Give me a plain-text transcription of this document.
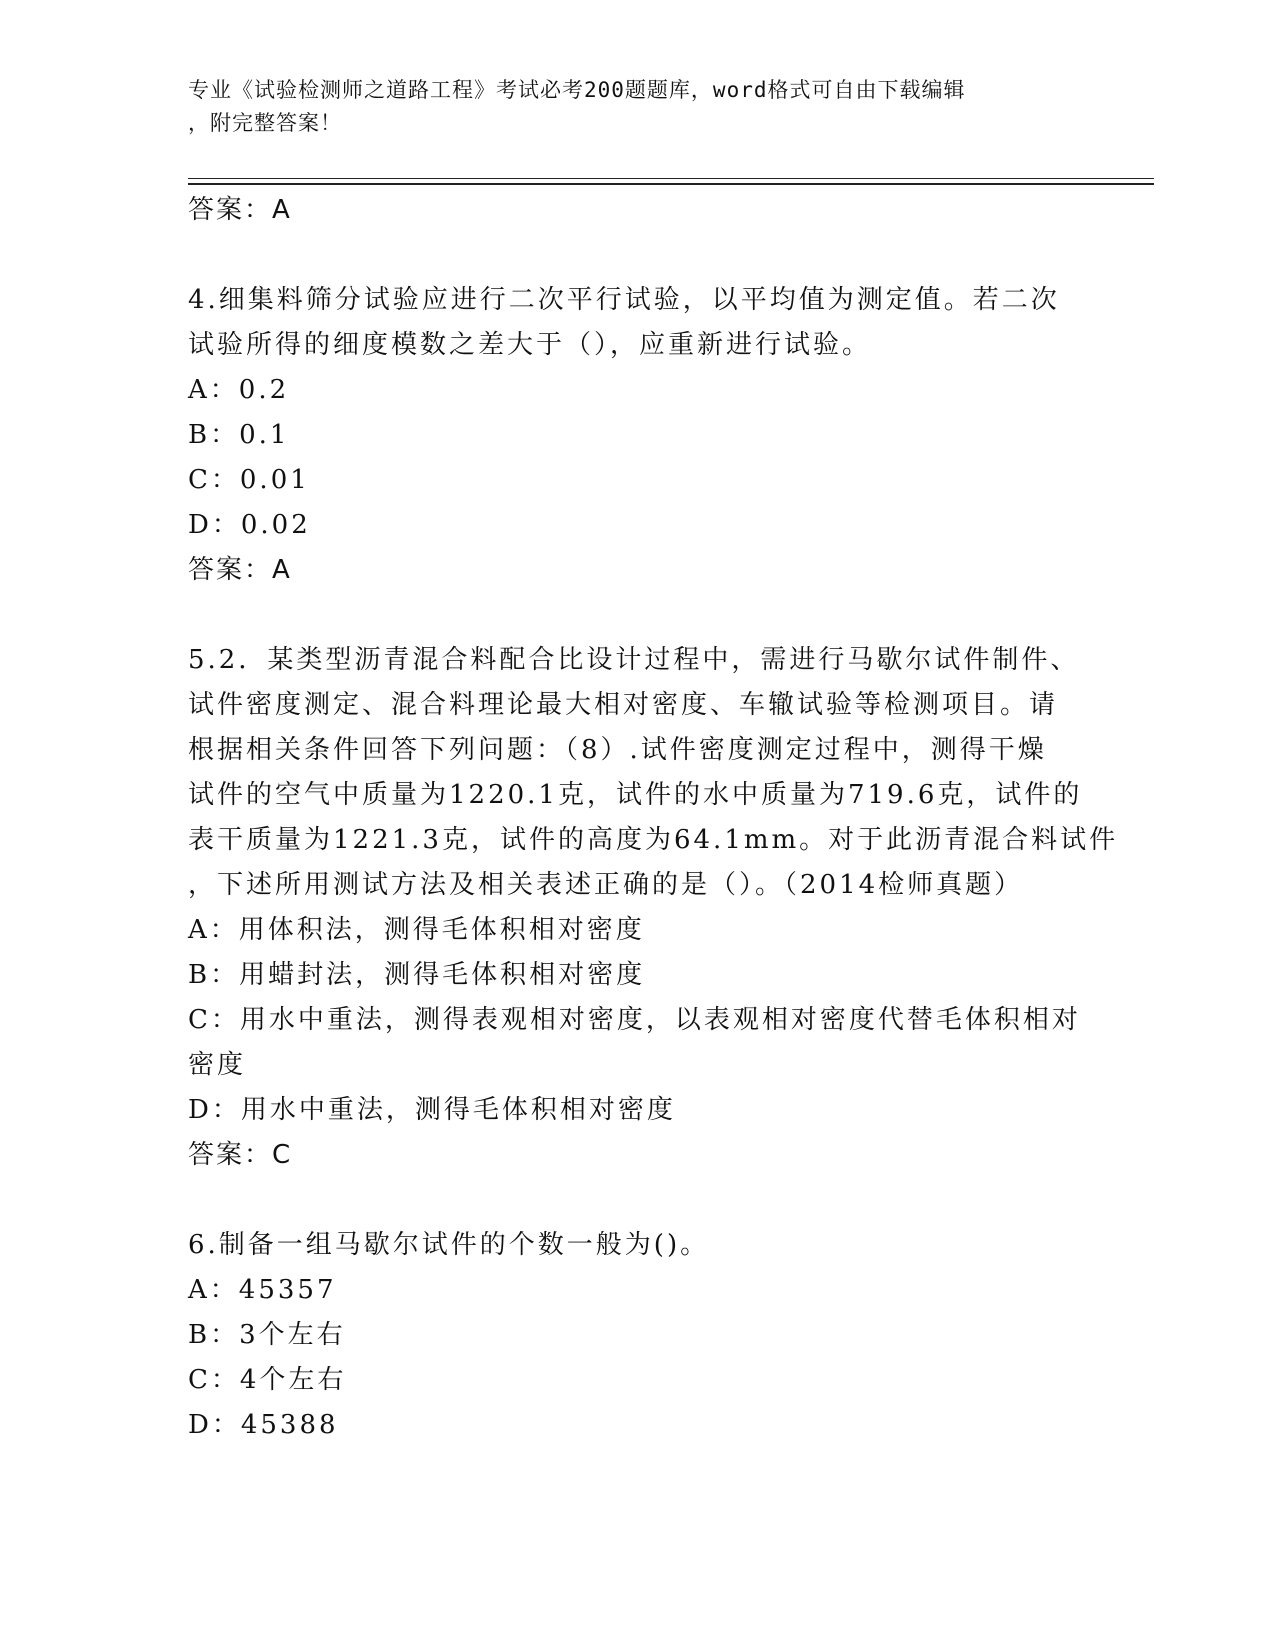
专业《试验检测师之道路工程》考试必考200题题库，word格式可自由下载编辑
，附完整答案！
答案：A
4.细集料筛分试验应进行二次平行试验，以平均值为测定值。若二次
试验所得的细度模数之差大于（），应重新进行试验。
A：0.2
B：0.1
C：0.01
D：0.02
答案：A
5.2．某类型沥青混合料配合比设计过程中，需进行马歇尔试件制件、
试件密度测定、混合料理论最大相对密度、车辙试验等检测项目。请
根据相关条件回答下列问题：（8）.试件密度测定过程中，测得干燥
试件的空气中质量为1220.1克，试件的水中质量为719.6克，试件的
表干质量为1221.3克，试件的高度为64.1mm。对于此沥青混合料试件
，下述所用测试方法及相关表述正确的是（）。（2014检师真题）
A：用体积法，测得毛体积相对密度
B：用蜡封法，测得毛体积相对密度
C：用水中重法，测得表观相对密度，以表观相对密度代替毛体积相对
密度
D：用水中重法，测得毛体积相对密度
答案：C
6.制备一组马歇尔试件的个数一般为()。
A：45357
B：3个左右
C：4个左右
D：45388
